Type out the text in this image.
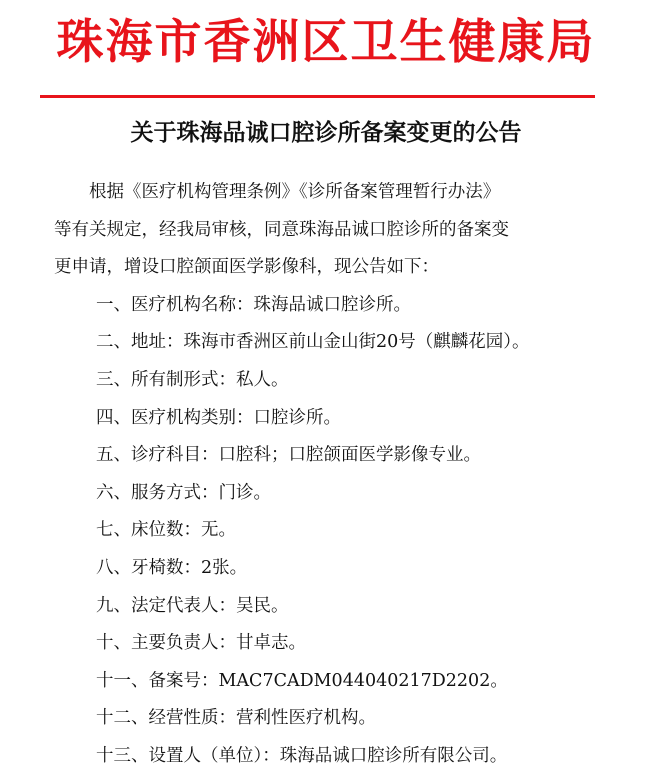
珠海市香洲区卫生健康局
关于珠海品诚口腔诊所备案变更的公告

根据《医疗机构管理条例》《诊所备案管理暂行办法》
等有关规定，经我局审核，同意珠海品诚口腔诊所的备案变
更申请，增设口腔颌面医学影像科，现公告如下：

一、医疗机构名称：珠海品诚口腔诊所。

二、地址：珠海市香洲区前山金山街20号（麒麟花园）。

三、所有制形式：私人。

四、医疗机构类别：口腔诊所。

五、诊疗科目：口腔科；口腔颌面医学影像专业。

六、服务方式：门诊。

七、床位数：无。

八、牙椅数：2张。

九、法定代表人：吴民。

十、主要负责人：甘卓志。

十一、备案号：MAC7CADM044040217D2202。

十二、经营性质：营利性医疗机构。

十三、设置人（单位）：珠海品诚口腔诊所有限公司。
